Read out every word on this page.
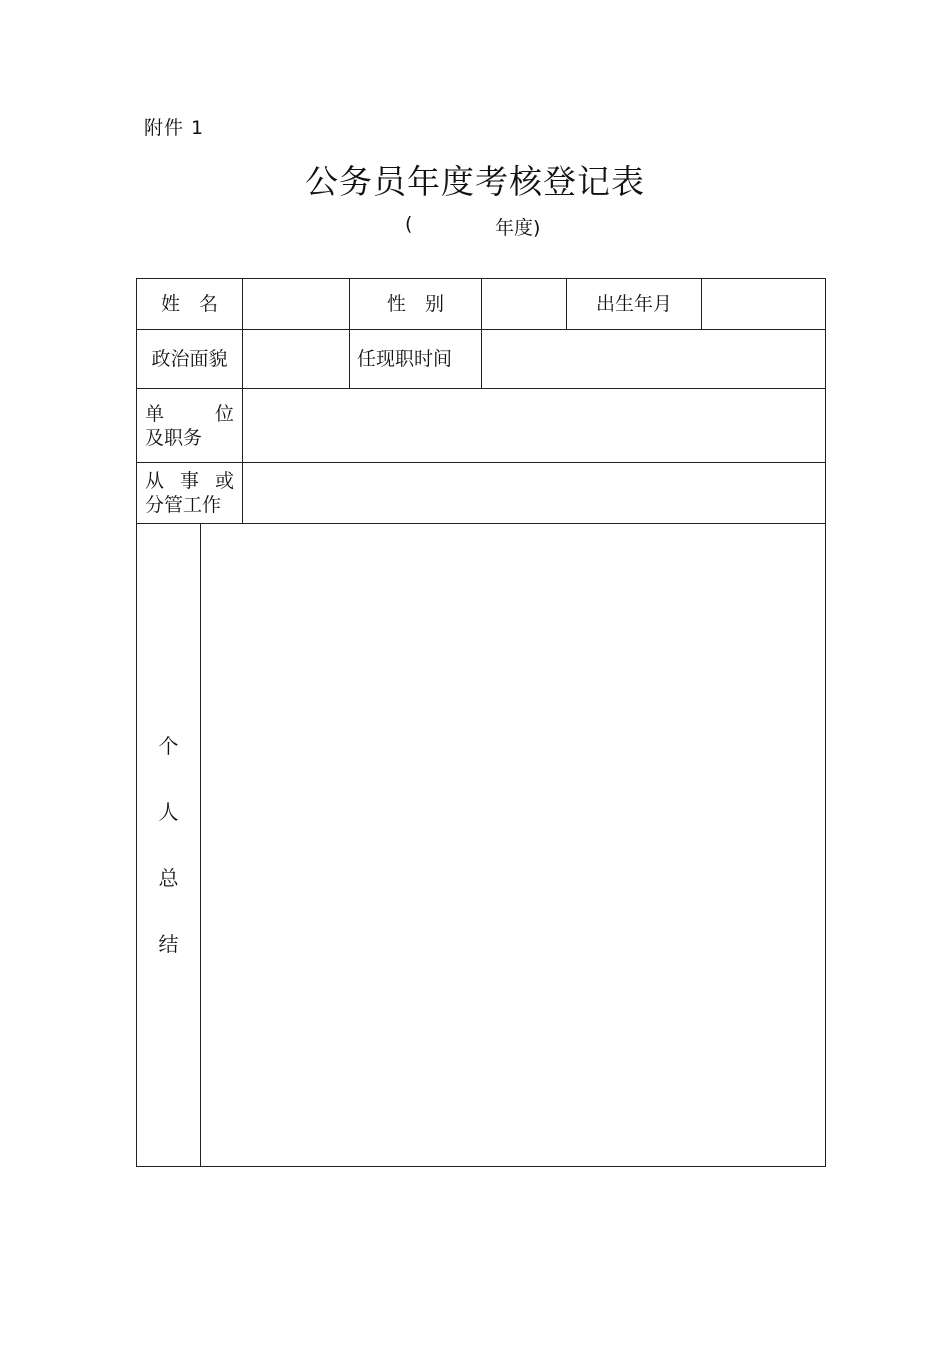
附件 1
公务员年度考核登记表
(	年度)
姓　名	性　别	出生年月
政治面貌	任现职时间
单　位
及职务
从 事 或
分管工作
个
人
总
结
